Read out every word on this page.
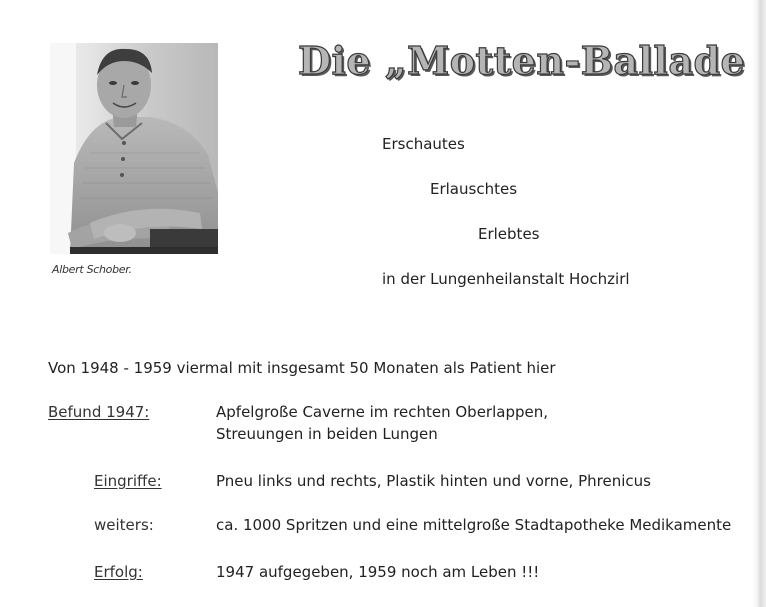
Albert Schober.
Die „Motten-Ballade
Erschautes
Erlauschtes
Erlebtes
in der Lungenheilanstalt Hochzirl
Von 1948 - 1959 viermal mit insgesamt 50 Monaten als Patient hier
Befund 1947:	Apfelgroße Caverne im rechten Oberlappen,
Streuungen in beiden Lungen
Eingriffe:	Pneu links und rechts, Plastik hinten und vorne, Phrenicus
weiters:	ca. 1000 Spritzen und eine mittelgroße Stadtapotheke Medikamente
Erfolg:	1947 aufgegeben, 1959 noch am Leben !!!
